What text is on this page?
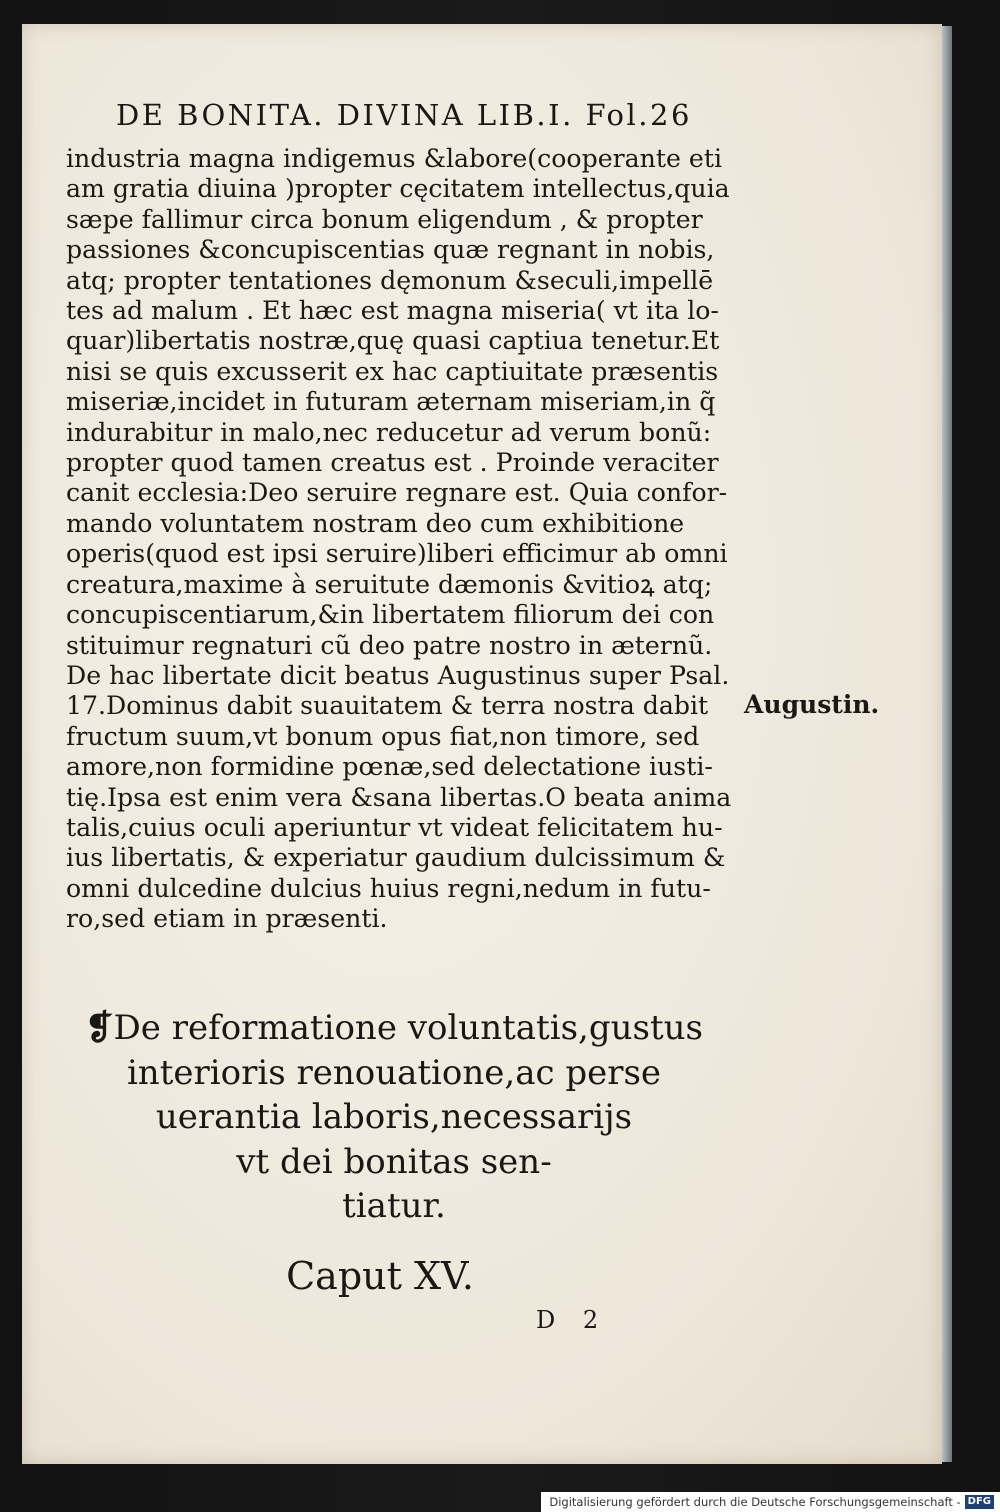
DE BONITA. DIVINA LIB.I. Fol.26
industria magna indigemus &labore(cooperante eti
am gratia diuina )propter cęcitatem intellectus,quia
sæpe fallimur circa bonum eligendum , & propter
passiones &concupiscentias quæ regnant in nobis,
atq; propter tentationes dęmonum &seculi,impellē
tes ad malum . Et hæc est magna miseria( vt ita lo-
quar)libertatis nostræ,quę quasi captiua tenetur.Et
nisi se quis excusserit ex hac captiuitate præsentis
miseriæ,incidet in futuram æternam miseriam,in q̃
indurabitur in malo,nec reducetur ad verum bonũ:
propter quod tamen creatus est . Proinde veraciter
canit ecclesia:Deo seruire regnare est. Quia confor-
mando voluntatem nostram deo cum exhibitione
operis(quod est ipsi seruire)liberi efficimur ab omni
creatura,maxime à seruitute dæmonis &vitioꝝ atq;
concupiscentiarum,&in libertatem filiorum dei con
stituimur regnaturi cũ deo patre nostro in æternũ.
De hac libertate dicit beatus Augustinus super Psal.
17.Dominus dabit suauitatem & terra nostra dabit
fructum suum,vt bonum opus fiat,non timore, sed
amore,non formidine pœnæ,sed delectatione iusti-
tię.Ipsa est enim vera &sana libertas.O beata anima
talis,cuius oculi aperiuntur vt videat felicitatem hu-
ius libertatis, & experiatur gaudium dulcissimum &
omni dulcedine dulcius huius regni,nedum in futu-
ro,sed etiam in præsenti.
Augustin.
❡De reformatione voluntatis,gustus
interioris renouatione,ac perse
uerantia laboris,necessarijs
vt dei bonitas sen-
tiatur.
Caput XV.
D 2
Digitalisierung gefördert durch die Deutsche Forschungsgemeinschaft - DFG
